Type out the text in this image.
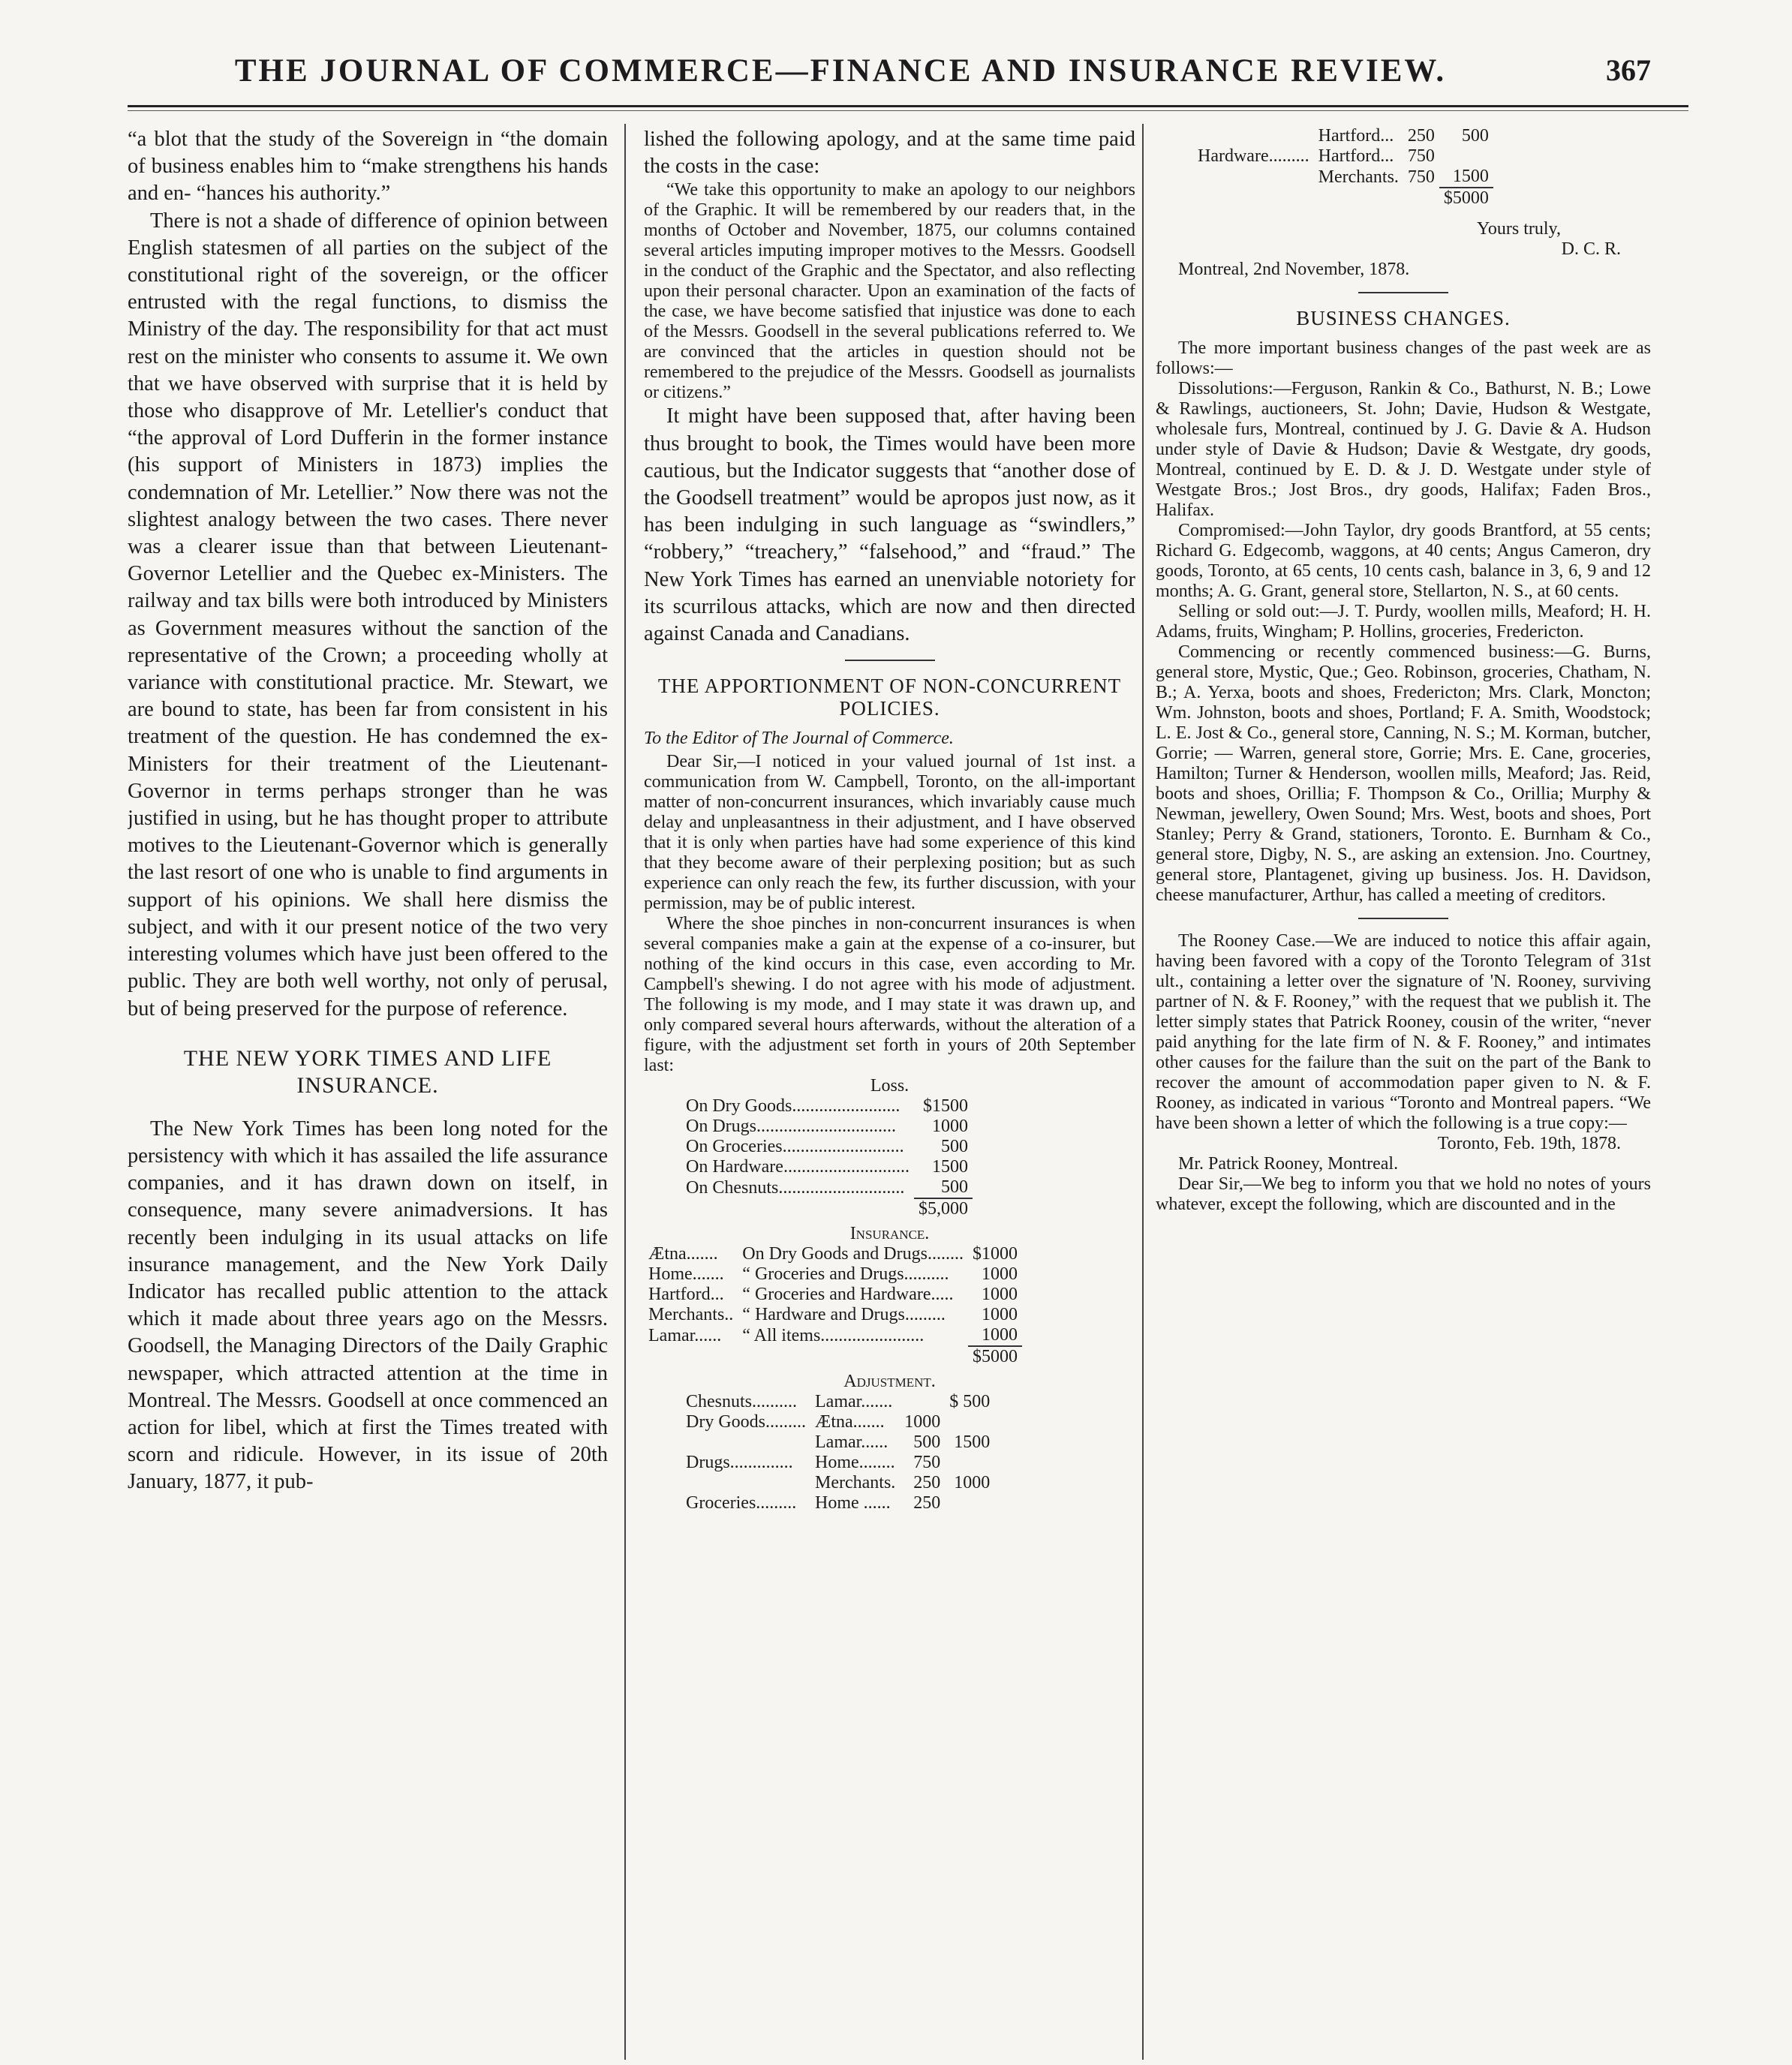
THE JOURNAL OF COMMERCE—FINANCE AND INSURANCE REVIEW.	367

“a blot that the study of the Sovereign in “the domain of business enables him to “make strengthens his hands and en- “hances his authority.”

There is not a shade of difference of opinion between English statesmen of all parties on the subject of the constitutional right of the sovereign, or the officer entrusted with the regal functions, to dismiss the Ministry of the day. The responsibility for that act must rest on the minister who consents to assume it. We own that we have observed with surprise that it is held by those who disapprove of Mr. Letellier's conduct that “the approval of Lord Dufferin in the former instance (his support of Ministers in 1873) implies the condemnation of Mr. Letellier.” Now there was not the slightest analogy between the two cases. There never was a clearer issue than that between Lieutenant-Governor Letellier and the Quebec ex-Ministers. The railway and tax bills were both introduced by Ministers as Government measures without the sanction of the representative of the Crown; a proceeding wholly at variance with constitutional practice. Mr. Stewart, we are bound to state, has been far from consistent in his treatment of the question. He has condemned the ex-Ministers for their treatment of the Lieutenant-Governor in terms perhaps stronger than he was justified in using, but he has thought proper to attribute motives to the Lieutenant-Governor which is generally the last resort of one who is unable to find arguments in support of his opinions. We shall here dismiss the subject, and with it our present notice of the two very interesting volumes which have just been offered to the public. They are both well worthy, not only of perusal, but of being preserved for the purpose of reference.

THE NEW YORK TIMES AND LIFE INSURANCE.

The New York Times has been long noted for the persistency with which it has assailed the life assurance companies, and it has drawn down on itself, in consequence, many severe animadversions. It has recently been indulging in its usual attacks on life insurance management, and the New York Daily Indicator has recalled public attention to the attack which it made about three years ago on the Messrs. Goodsell, the Managing Directors of the Daily Graphic newspaper, which attracted attention at the time in Montreal. The Messrs. Goodsell at once commenced an action for libel, which at first the Times treated with scorn and ridicule. However, in its issue of 20th January, 1877, it pub-

lished the following apology, and at the same time paid the costs in the case:

“We take this opportunity to make an apology to our neighbors of the Graphic. It will be remembered by our readers that, in the months of October and November, 1875, our columns contained several articles imputing improper motives to the Messrs. Goodsell in the conduct of the Graphic and the Spectator, and also reflecting upon their personal character. Upon an examination of the facts of the case, we have become satisfied that injustice was done to each of the Messrs. Goodsell in the several publications referred to. We are convinced that the articles in question should not be remembered to the prejudice of the Messrs. Goodsell as journalists or citizens.”

It might have been supposed that, after having been thus brought to book, the Times would have been more cautious, but the Indicator suggests that “another dose of the Goodsell treatment” would be apropos just now, as it has been indulging in such language as “swindlers,” “robbery,” “treachery,” “falsehood,” and “fraud.” The New York Times has earned an unenviable notoriety for its scurrilous attacks, which are now and then directed against Canada and Canadians.

THE APPORTIONMENT OF NON-CONCURRENT POLICIES.

To the Editor of The Journal of Commerce.

Dear Sir,—I noticed in your valued journal of 1st inst. a communication from W. Campbell, Toronto, on the all-important matter of non-concurrent insurances, which invariably cause much delay and unpleasantness in their adjustment, and I have observed that it is only when parties have had some experience of this kind that they become aware of their perplexing position; but as such experience can only reach the few, its further discussion, with your permission, may be of public interest.

Where the shoe pinches in non-concurrent insurances is when several companies make a gain at the expense of a co-insurer, but nothing of the kind occurs in this case, even according to Mr. Campbell's shewing. I do not agree with his mode of adjustment. The following is my mode, and I may state it was drawn up, and only compared several hours afterwards, without the alteration of a figure, with the adjustment set forth in yours of 20th September last:

Loss.
On Dry Goods........................	$1500
On Drugs...............................	1000
On Groceries...........................	500
On Hardware............................	1500
On Chesnuts............................	500
	$5,000
Insurance.
Ætna.......	On Dry Goods and Drugs........	$1000
Home.......	“ Groceries and Drugs..........	1000
Hartford...	“ Groceries and Hardware.....	1000
Merchants..	“ Hardware and Drugs.........	1000
Lamar......	“ All items.......................	1000
		$5000
Adjustment.
Chesnuts..........	Lamar.......		$ 500
Dry Goods.........	Ætna.......	1000	
	Lamar......	500	1500
Drugs..............	Home........	750	
	Merchants.	250	1000
Groceries.........	Home ......	250	
	Hartford...	250	500
Hardware.........	Hartford...	750	
	Merchants.	750	1500
			$5000

Yours truly,

D. C. R.

Montreal, 2nd November, 1878.

BUSINESS CHANGES.

The more important business changes of the past week are as follows:—

Dissolutions:—Ferguson, Rankin & Co., Bathurst, N. B.; Lowe & Rawlings, auctioneers, St. John; Davie, Hudson & Westgate, wholesale furs, Montreal, continued by J. G. Davie & A. Hudson under style of Davie & Hudson; Davie & Westgate, dry goods, Montreal, continued by E. D. & J. D. Westgate under style of Westgate Bros.; Jost Bros., dry goods, Halifax; Faden Bros., Halifax.

Compromised:—John Taylor, dry goods Brantford, at 55 cents; Richard G. Edgecomb, waggons, at 40 cents; Angus Cameron, dry goods, Toronto, at 65 cents, 10 cents cash, balance in 3, 6, 9 and 12 months; A. G. Grant, general store, Stellarton, N. S., at 60 cents.

Selling or sold out:—J. T. Purdy, woollen mills, Meaford; H. H. Adams, fruits, Wingham; P. Hollins, groceries, Fredericton.

Commencing or recently commenced business:—G. Burns, general store, Mystic, Que.; Geo. Robinson, groceries, Chatham, N. B.; A. Yerxa, boots and shoes, Fredericton; Mrs. Clark, Moncton; Wm. Johnston, boots and shoes, Portland; F. A. Smith, Woodstock; L. E. Jost & Co., general store, Canning, N. S.; M. Korman, butcher, Gorrie; — Warren, general store, Gorrie; Mrs. E. Cane, groceries, Hamilton; Turner & Henderson, woollen mills, Meaford; Jas. Reid, boots and shoes, Orillia; F. Thompson & Co., Orillia; Murphy & Newman, jewellery, Owen Sound; Mrs. West, boots and shoes, Port Stanley; Perry & Grand, stationers, Toronto. E. Burnham & Co., general store, Digby, N. S., are asking an extension. Jno. Courtney, general store, Plantagenet, giving up business. Jos. H. Davidson, cheese manufacturer, Arthur, has called a meeting of creditors.

The Rooney Case.—We are induced to notice this affair again, having been favored with a copy of the Toronto Telegram of 31st ult., containing a letter over the signature of 'N. Rooney, surviving partner of N. & F. Rooney,” with the request that we publish it. The letter simply states that Patrick Rooney, cousin of the writer, “never paid anything for the late firm of N. & F. Rooney,” and intimates other causes for the failure than the suit on the part of the Bank to recover the amount of accommodation paper given to N. & F. Rooney, as indicated in various “Toronto and Montreal papers. “We have been shown a letter of which the following is a true copy:—

Toronto, Feb. 19th, 1878.

Mr. Patrick Rooney, Montreal.

Dear Sir,—We beg to inform you that we hold no notes of yours whatever, except the following, which are discounted and in the
